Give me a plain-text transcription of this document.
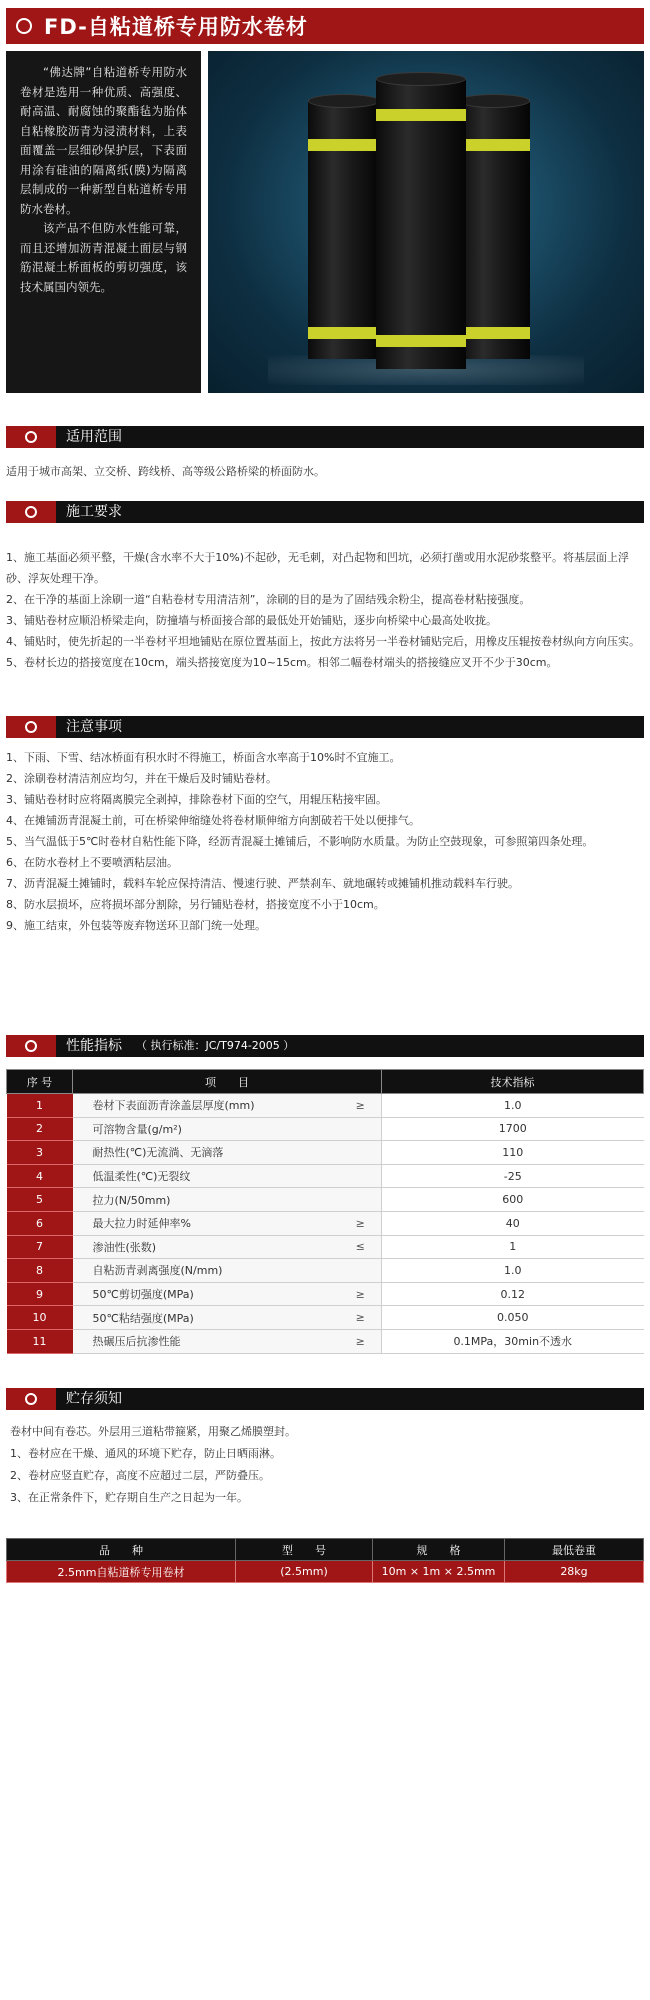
FD-自粘道桥专用防水卷材

“佛达牌”自粘道桥专用防水卷材是选用一种优质、高强度、耐高温、耐腐蚀的聚酯毡为胎体 自粘橡胶沥青为浸渍材料，上表面覆盖一层细砂保护层，下表面用涂有硅油的隔离纸(膜)为隔离层制成的一种新型自粘道桥专用防水卷材。

该产品不但防水性能可靠，而且还增加沥青混凝土面层与钢筋混凝土桥面板的剪切强度，该技术属国内领先。

适用范围

适用于城市高架、立交桥、跨线桥、高等级公路桥梁的桥面防水。

施工要求

1、施工基面必须平整，干燥(含水率不大于10%)不起砂，无毛刺，对凸起物和凹坑，必须打凿或用水泥砂浆整平。将基层面上浮砂、浮灰处理干净。

2、在干净的基面上涂刷一道“自粘卷材专用清洁剂”，涂刷的目的是为了固结残余粉尘，提高卷材粘接强度。

3、铺贴卷材应顺沿桥梁走向，防撞墙与桥面接合部的最低处开始铺贴，逐步向桥梁中心最高处收拢。

4、铺贴时，使先折起的一半卷材平坦地铺贴在原位置基面上，按此方法将另一半卷材铺贴完后，用橡皮压辊按卷材纵向方向压实。

5、卷材长边的搭接宽度在10cm，端头搭接宽度为10~15cm。相邻二幅卷材端头的搭接缝应叉开不少于30cm。

注意事项

1、下雨、下雪、结冰桥面有积水时不得施工，桥面含水率高于10%时不宜施工。

2、涂刷卷材清洁剂应均匀，并在干燥后及时铺贴卷材。

3、铺贴卷材时应将隔离膜完全剥掉，排除卷材下面的空气，用辊压粘接牢固。

4、在摊铺沥青混凝土前，可在桥梁伸缩缝处将卷材顺伸缩方向割破若干处以便排气。

5、当气温低于5℃时卷材自粘性能下降，经沥青混凝土摊铺后，不影响防水质量。为防止空鼓现象，可参照第四条处理。

6、在防水卷材上不要喷洒粘层油。

7、沥青混凝土摊铺时，载料车轮应保持清洁、慢速行驶、严禁刹车、就地碾转或摊铺机推动载料车行驶。

8、防水层损坏，应将损坏部分割除，另行铺贴卷材，搭接宽度不小于10cm。

9、施工结束，外包装等废弃物送环卫部门统一处理。

性能指标	（ 执行标准：JC/T974-2005 ）
序 号	项　　目		技术指标
1	卷材下表面沥青涂盖层厚度(mm)	≥	1.0
2	可溶物含量(g/m²)		1700
3	耐热性(℃)无流淌、无滴落		110
4	低温柔性(℃)无裂纹		-25
5	拉力(N/50mm)		600
6	最大拉力时延伸率%	≥	40
7	渗油性(张数)	≤	1
8	自粘沥青剥离强度(N/mm)		1.0
9	50℃剪切强度(MPa)	≥	0.12
10	50℃粘结强度(MPa)	≥	0.050
11	热碾压后抗渗性能	≥	0.1MPa，30min不透水
贮存须知

卷材中间有卷芯。外层用三道粘带箍紧，用聚乙烯膜塑封。

1、卷材应在干燥、通风的环境下贮存，防止日晒雨淋。

2、卷材应竖直贮存，高度不应超过二层，严防叠压。

3、在正常条件下，贮存期自生产之日起为一年。

品　　种	型　　号	规　　格	最低卷重
2.5mm自粘道桥专用卷材	(2.5mm)	10m × 1m × 2.5mm	28kg
